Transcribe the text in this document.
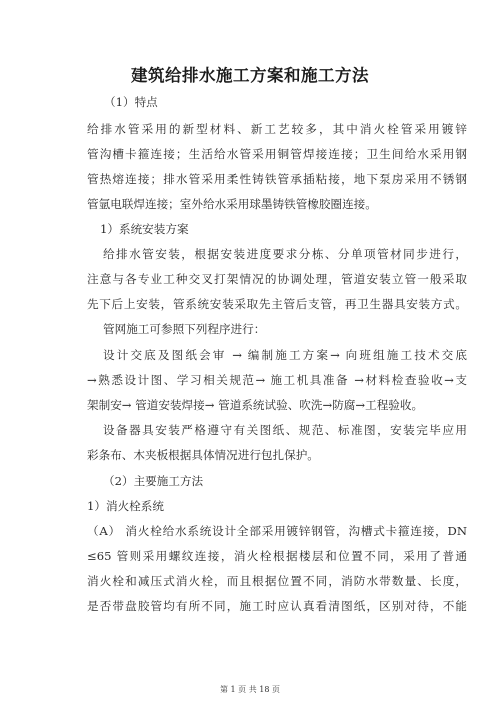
建筑给排水施工方案和施工方法
（1）特点
给排水管采用的新型材料、新工艺较多，其中消火栓管采用镀锌
管沟槽卡箍连接；生活给水管采用铜管焊接连接；卫生间给水采用钢
管热熔连接；排水管采用柔性铸铁管承插粘接，地下泵房采用不锈钢
管氩电联焊连接；室外给水采用球墨铸铁管橡胶圈连接。
1）系统安装方案
给排水管安装，根据安装进度要求分栋、分单项管材同步进行，
注意与各专业工种交叉打架情况的协调处理，管道安装立管一般采取
先下后上安装，管系统安装采取先主管后支管，再卫生器具安装方式。
管网施工可参照下列程序进行：
设计交底及图纸会审 → 编制施工方案→ 向班组施工技术交底
→熟悉设计图、学习相关规范→ 施工机具准备 →材料检查验收→支
架制安→ 管道安装焊接→ 管道系统试验、吹洗→防腐→工程验收。
设备器具安装严格遵守有关图纸、规范、标准图，安装完毕应用
彩条布、木夹板根据具体情况进行包扎保护。
（2）主要施工方法
1）消火栓系统
（A） 消火栓给水系统设计全部采用镀锌钢管，沟槽式卡箍连接，DN
≤65 管则采用螺纹连接，消火栓根据楼层和位置不同，采用了普通
消火栓和减压式消火栓，而且根据位置不同，消防水带数量、长度，
是否带盘胶管均有所不同，施工时应认真看清图纸，区别对待，不能
第 1 页 共 18 页
